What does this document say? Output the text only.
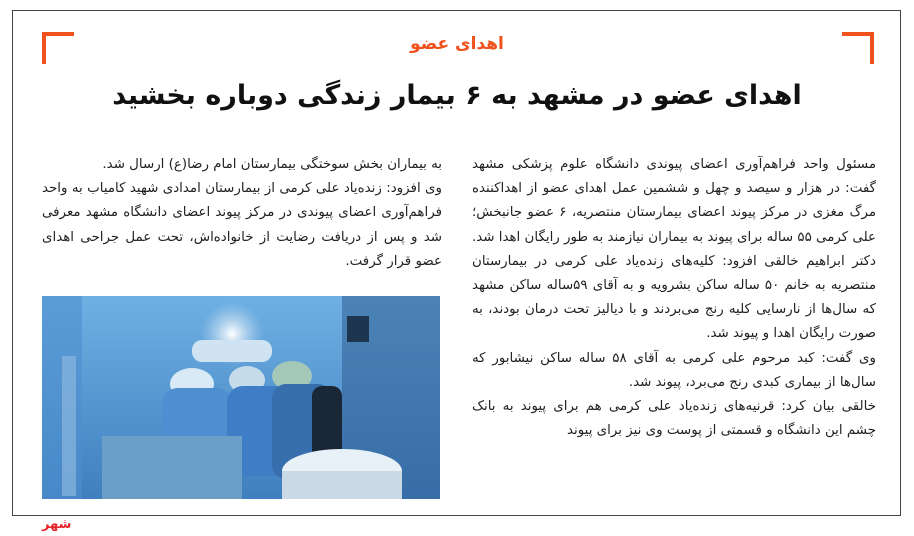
اهدای عضو
اهدای عضو در مشهد به ۶ بیمار زندگی دوباره بخشید

مسئول واحد فراهم‌آوری اعضای پیوندی دانشگاه علوم پزشکی مشهد گفت: در هزار و سیصد و چهل و ششمین عمل اهدای عضو از اهداکننده مرگ مغزی در مرکز پیوند اعضای بیمارستان منتصریه، ۶ عضو جانبخش؛ علی کرمی ۵۵ ساله برای پیوند به بیماران نیازمند به طور رایگان اهدا شد.

دکتر ابراهیم خالقی افزود: کلیه‌های زنده‌یاد علی کرمی در بیمارستان منتصریه به خانم ۵۰ ساله ساکن بشرویه و به آقای ۵۹ساله ساکن مشهد که سال‌ها از نارسایی کلیه رنج می‌بردند و با دیالیز تحت درمان بودند، به صورت رایگان اهدا و پیوند شد.

وی گفت: کبد مرحوم علی کرمی به آقای ۵۸ ساله ساکن نیشابور که سال‌ها از بیماری کبدی رنج می‌برد، پیوند شد.

خالقی بیان کرد: قرنیه‌های زنده‌یاد علی کرمی هم برای پیوند به بانک چشم این دانشگاه و قسمتی از پوست وی نیز برای پیوند

به بیماران بخش سوختگی بیمارستان امام رضا(ع) ارسال شد.

وی افزود: زنده‌یاد علی کرمی از بیمارستان امدادی شهید کامیاب به واحد فراهم‌آوری اعضای پیوندی در مرکز پیوند اعضای دانشگاه مشهد معرفی شد و پس از دریافت رضایت از خانواده‌اش، تحت عمل جراحی اهدای عضو قرار گرفت.

شهر
